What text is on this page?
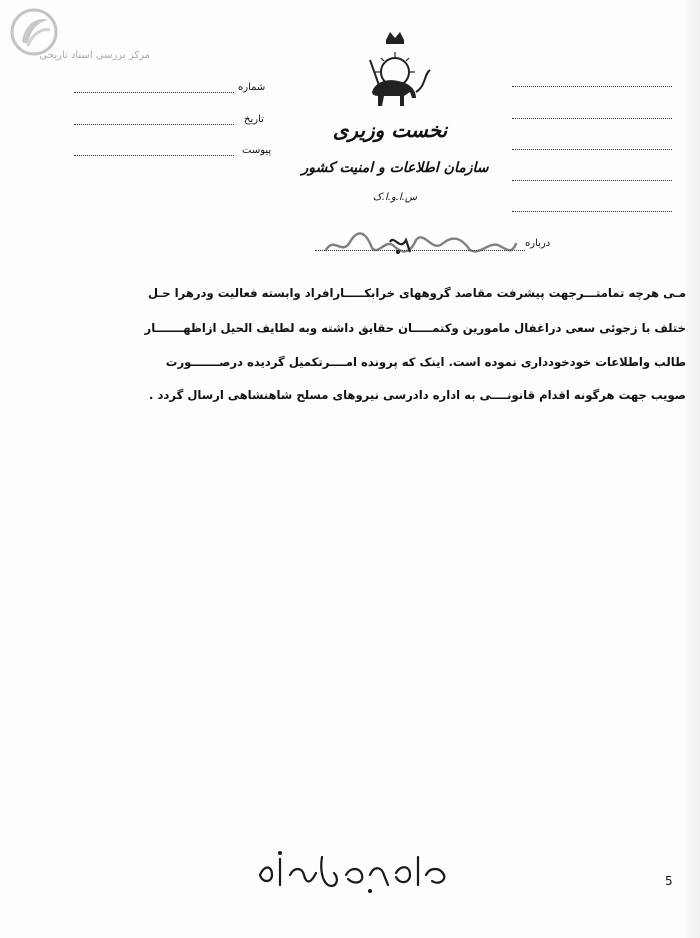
مرکز بررسی اسناد تاریخی
شماره
تاریخ
پیوست
نخست وزیری
سازمان اطلاعات و امنیت کشور
س.ا.و.ا.ک
درباره
مـی هرچه تمامتـــرجهت پیشرفت مقاصد گروههای خرابکـــــارافراد وابسته فعالیت ودرهرا حـل
ختلف با زجوئی سعی دراغفال مامورین وکتمـــــان حقایق داشته وبه لطایف الحیل ازاظهـــــــار
طالب واطلاعات خودخودداری نموده است. اینک که پرونده امــــرتکمیل گردیده درصـــــــورت
صویب جهت هرگونه اقدام قانونــــی به اداره دادرسی نیروهای مسلح شاهنشاهی ارسال گردد .
5
